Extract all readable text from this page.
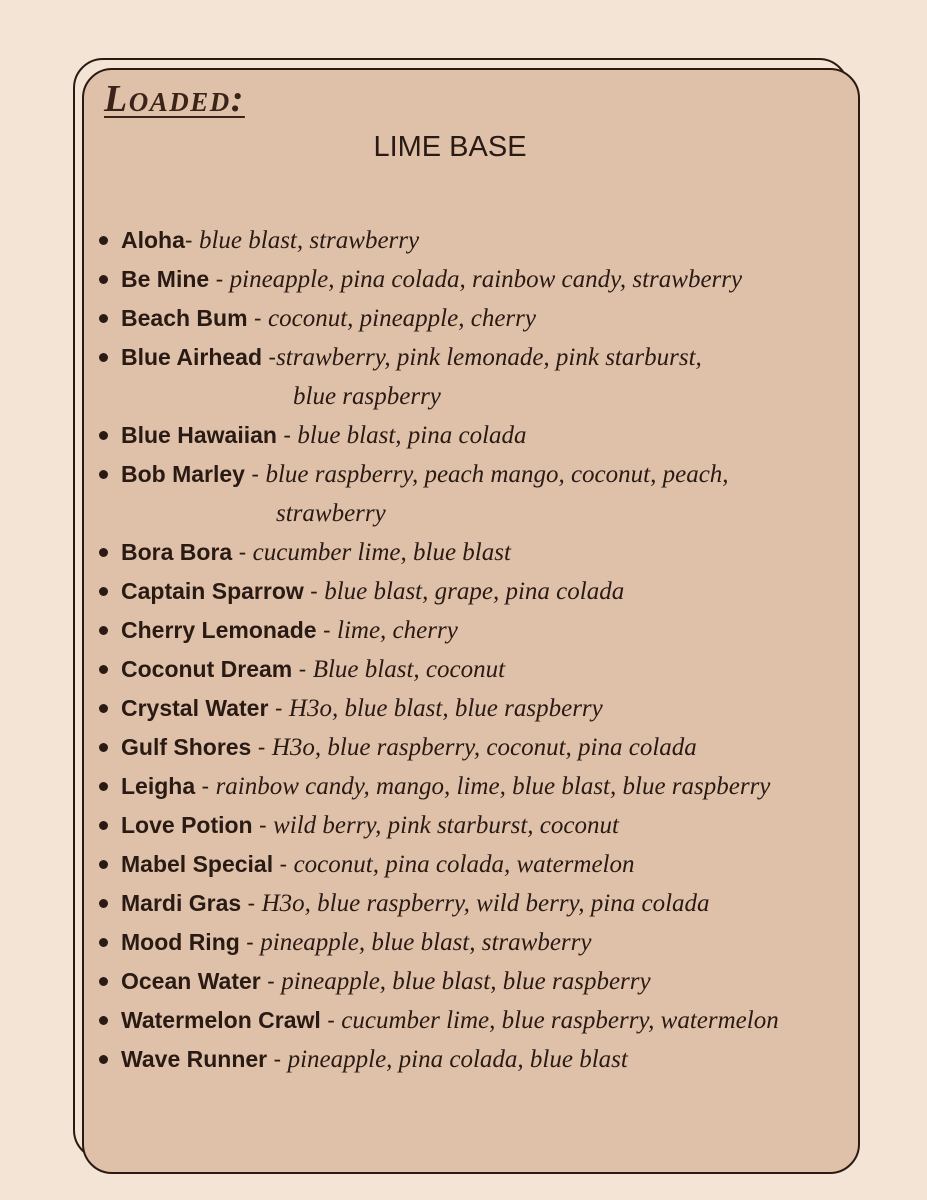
Loaded:
LIME BASE
Aloha- blue blast, strawberry
Be Mine - pineapple, pina colada, rainbow candy, strawberry
Beach Bum - coconut, pineapple, cherry
Blue Airhead -strawberry, pink lemonade, pink starburst,
blue raspberry
Blue Hawaiian - blue blast, pina colada
Bob Marley - blue raspberry, peach mango, coconut, peach,
strawberry
Bora Bora - cucumber lime, blue blast
Captain Sparrow - blue blast, grape, pina colada
Cherry Lemonade - lime, cherry
Coconut Dream - Blue blast, coconut
Crystal Water - H3o, blue blast, blue raspberry
Gulf Shores - H3o, blue raspberry, coconut, pina colada
Leigha - rainbow candy, mango, lime, blue blast, blue raspberry
Love Potion - wild berry, pink starburst, coconut
Mabel Special - coconut, pina colada, watermelon
Mardi Gras - H3o, blue raspberry, wild berry, pina colada
Mood Ring - pineapple, blue blast, strawberry
Ocean Water - pineapple, blue blast, blue raspberry
Watermelon Crawl - cucumber lime, blue raspberry, watermelon
Wave Runner - pineapple, pina colada, blue blast
